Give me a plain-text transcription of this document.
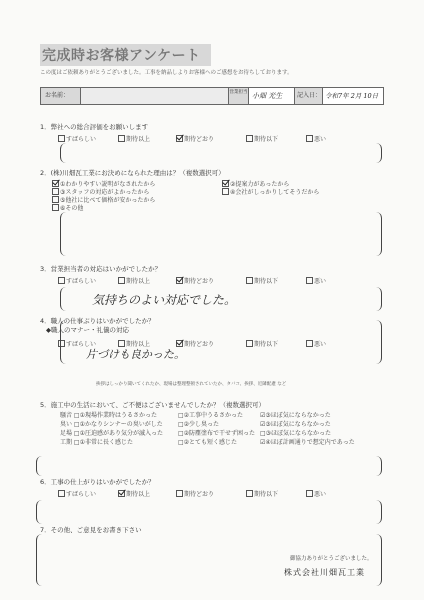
完成時お客様アンケート
この度はご依頼ありがとうございました。工事を納品しよりお客様へのご感想をお待ちしております。
お名前：	営業担当 小畑 光生	記入日： 令和7年 2月 10日
1．弊社への総合評価をお願いします
すばらしい	期待以上	期待どおり	期待以下	悪い
2．(株)川畑瓦工業にお決めになられた理由は？（複数選択可）
①わかりやすい説明がなされたから	②提案力があったから
③スタッフの対応がよかったから	④会社がしっかりしてそうだから
⑤他社に比べて価格が安かったから
⑥その他
3．営業担当者の対応はいかがでしたか？
すばらしい	期待以上	期待どおり	期待以下	悪い
気持ちのよい対応でした。
4．職人の仕事ぶりはいかがでしたか？
◆職人のマナー・礼儀の対応
すばらしい	期待以上	期待どおり	期待以下	悪い
片づけも良かった。
挨拶はしっかり聞いてくれたか、現場は整理整頓されていたか、タバコ、挨拶、近隣配慮 など
5．施工中の生活において、ご不便はございませんでしたか？（複数選択可）
騒音 □①現場作業時はうるさかった	□②工事中うるさかった	☑③ほぼ気にならなかった
臭い □①かなりシンナーの臭いがした	□②少し臭った	☑③ほぼ気にならなかった
足場 □①圧迫感があり気分が滅入った	□②防塵塗布で干せず困った □③ほぼ気にならなかった
工期 □①非常に長く感じた	□②とても短く感じた	☑④ほぼ計画通りで想定内であった
6．工事の仕上がりはいかがでしたか？
すばらしい	期待以上	期待どおり	期待以下	悪い
7．その他、ご意見をお書き下さい
御協力ありがとうございました。
株式会社川畑瓦工業
